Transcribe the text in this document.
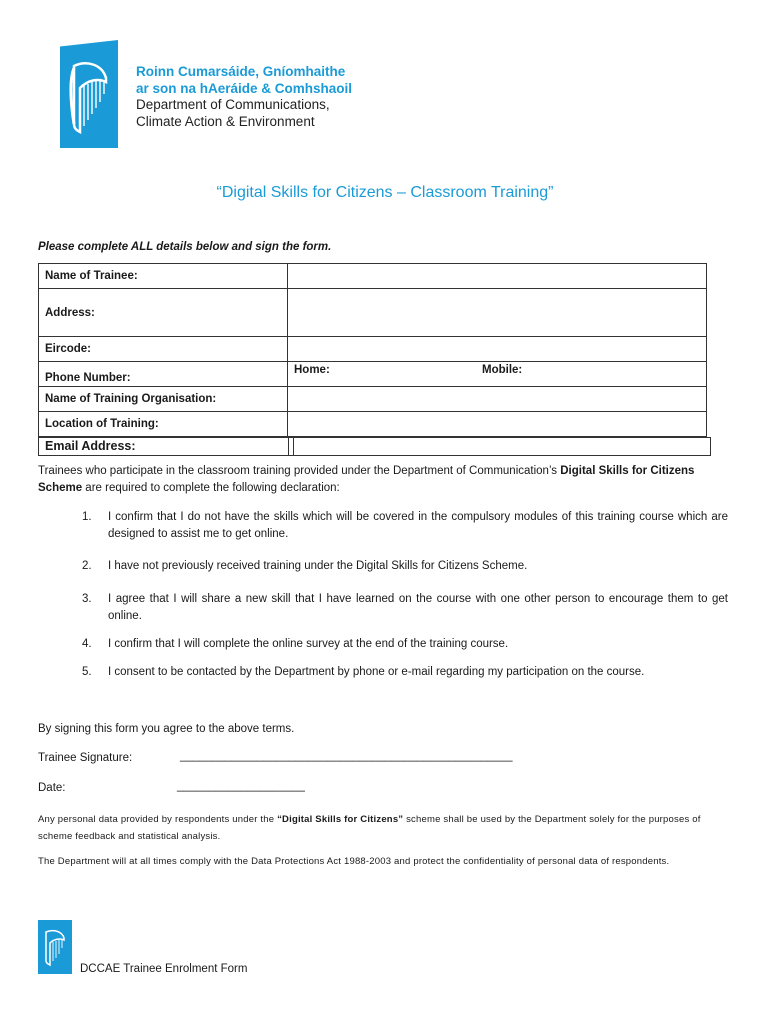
Roinn Cumarsáide, Gníomhaithe
ar son na hAeráide & Comhshaoil
Department of Communications,
Climate Action & Environment
“Digital Skills for Citizens – Classroom Training”
Please complete ALL details below and sign the form.
Name of Trainee:	
Address:	
Eircode:	
Phone Number:	Home: Mobile:

Name of Training Organisation:	
Location of Training:	
Email Address:
Trainees who participate in the classroom training provided under the Department of Communication’s Digital Skills for Citizens Scheme are required to complete the following declaration:
1. I confirm that I do not have the skills which will be covered in the compulsory modules of this training course which are designed to assist me to get online.
2. I have not previously received training under the Digital Skills for Citizens Scheme.
3. I agree that I will share a new skill that I have learned on the course with one other person to encourage them to get online.
4. I confirm that I will complete the online survey at the end of the training course.
5. I consent to be contacted by the Department by phone or e-mail regarding my participation on the course.
By signing this form you agree to the above terms.
Trainee Signature:	____________________________________________________
Date:	____________________
Any personal data provided by respondents under the “Digital Skills for Citizens” scheme shall be used by the Department solely for the purposes of scheme feedback and statistical analysis.
The Department will at all times comply with the Data Protections Act 1988-2003 and protect the confidentiality of personal data of respondents.
DCCAE Trainee Enrolment Form
